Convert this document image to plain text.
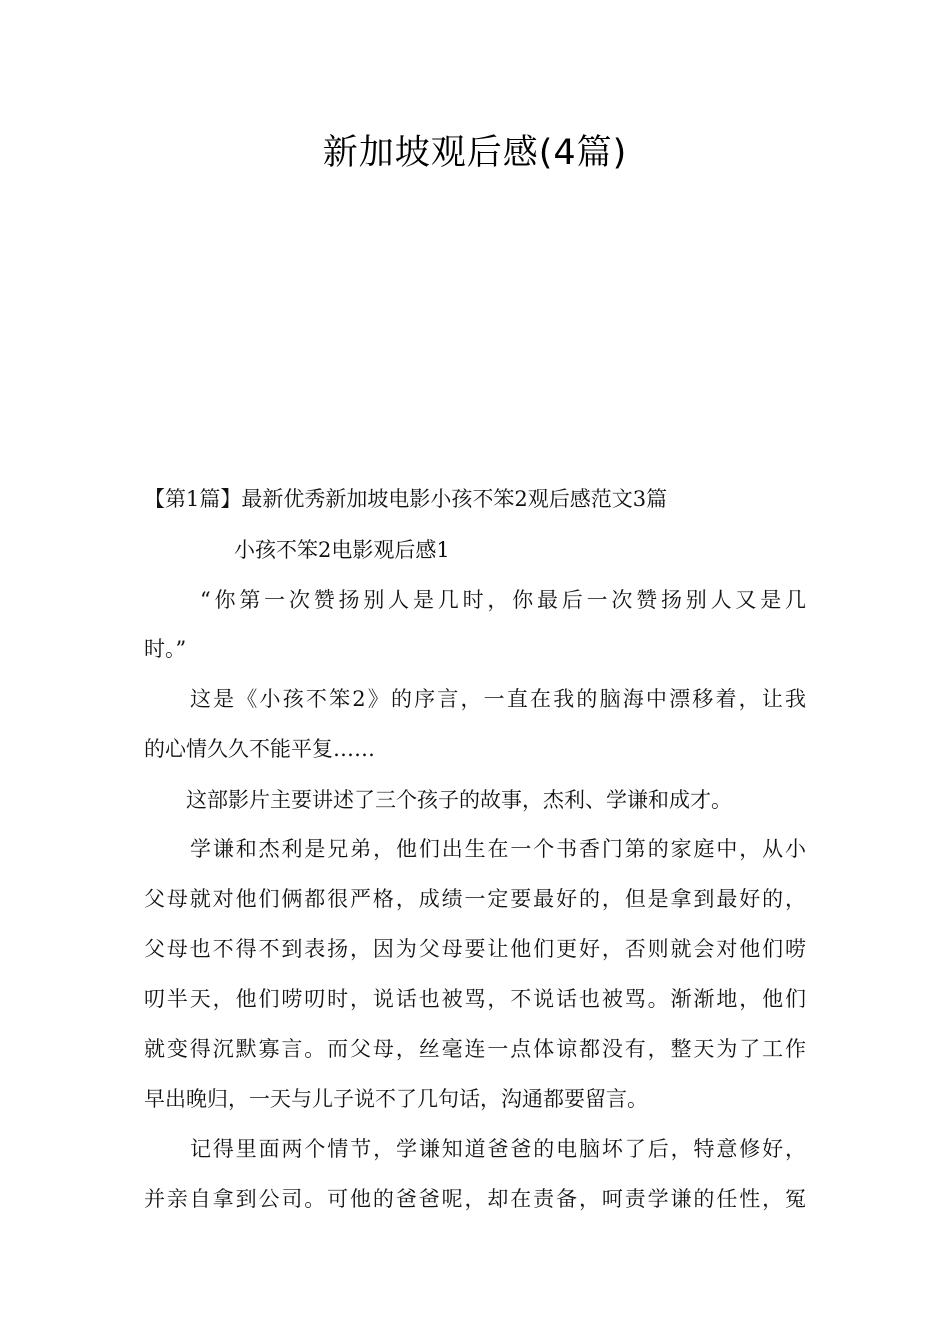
新加坡观后感(4篇)
【第1篇】最新优秀新加坡电影小孩不笨2观后感范文3篇
小孩不笨2电影观后感1
“你第一次赞扬别人是几时，你最后一次赞扬别人又是几
时。”
这是《小孩不笨2》的序言，一直在我的脑海中漂移着，让我
的心情久久不能平复……
这部影片主要讲述了三个孩子的故事，杰利、学谦和成才。
学谦和杰利是兄弟，他们出生在一个书香门第的家庭中，从小
父母就对他们俩都很严格，成绩一定要最好的，但是拿到最好的，
父母也不得不到表扬，因为父母要让他们更好，否则就会对他们唠
叨半天，他们唠叨时，说话也被骂，不说话也被骂。渐渐地，他们
就变得沉默寡言。而父母，丝毫连一点体谅都没有，整天为了工作
早出晚归，一天与儿子说不了几句话，沟通都要留言。
记得里面两个情节，学谦知道爸爸的电脑坏了后，特意修好，
并亲自拿到公司。可他的爸爸呢，却在责备，呵责学谦的任性，冤
